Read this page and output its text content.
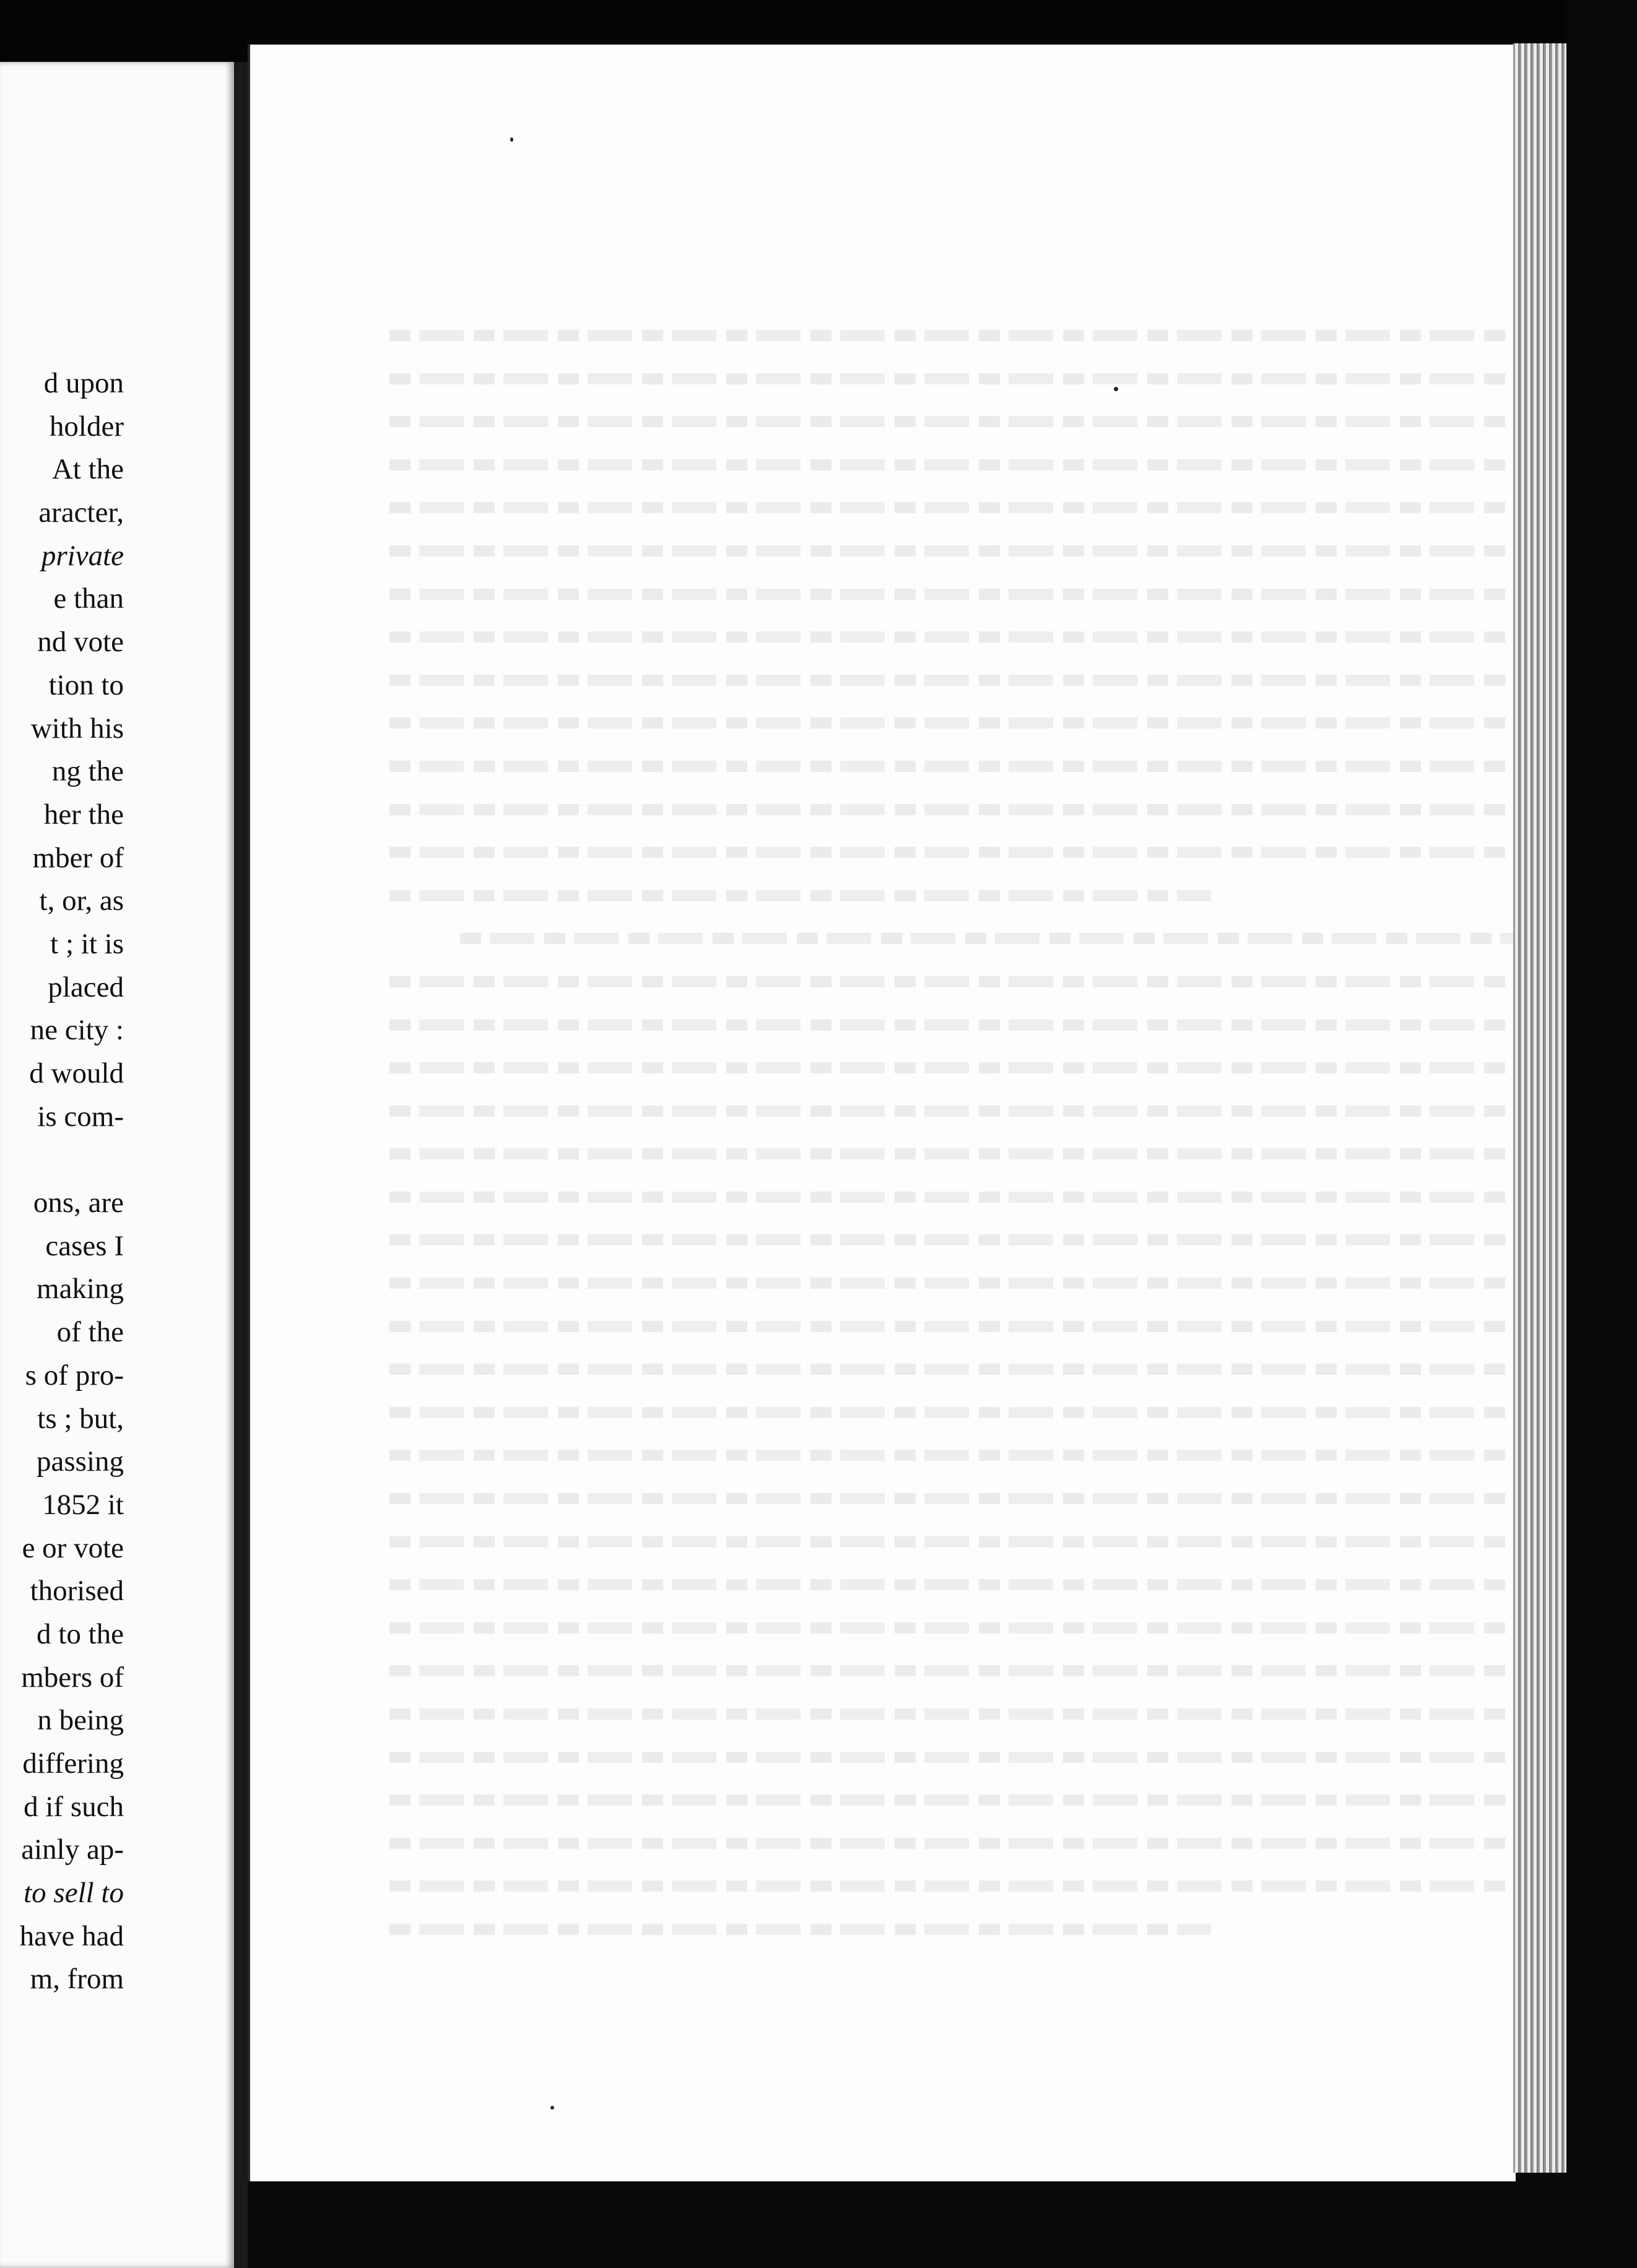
d upon
holder
At the
aracter,
private
e than
nd vote
tion to
with his
ng the
her the
mber of
t, or, as
t ; it is
placed
ne city :
d would
is com-
ons, are
cases I
making
of the
s of pro-
ts ; but,
passing
1852 it
e or vote
thorised
d to the
mbers of
n being
differing
d if such
ainly ap-
to sell to
have had
m, from
